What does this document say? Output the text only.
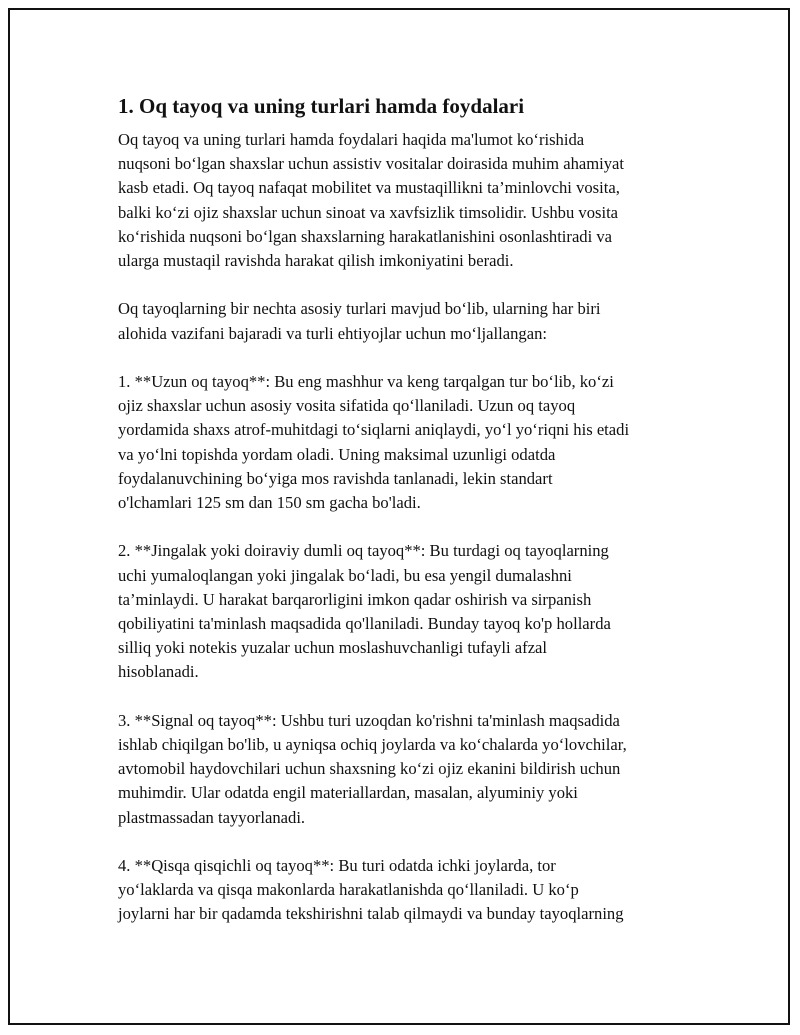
1. Oq tayoq va uning turlari hamda foydalari

Oq tayoq va uning turlari hamda foydalari haqida ma'lumot ko‘rishida
nuqsoni bo‘lgan shaxslar uchun assistiv vositalar doirasida muhim ahamiyat
kasb etadi. Oq tayoq nafaqat mobilitet va mustaqillikni ta’minlovchi vosita,
balki ko‘zi ojiz shaxslar uchun sinoat va xavfsizlik timsolidir. Ushbu vosita
ko‘rishida nuqsoni bo‘lgan shaxslarning harakatlanishini osonlashtiradi va
ularga mustaqil ravishda harakat qilish imkoniyatini beradi.

Oq tayoqlarning bir nechta asosiy turlari mavjud bo‘lib, ularning har biri
alohida vazifani bajaradi va turli ehtiyojlar uchun mo‘ljallangan:

1. **Uzun oq tayoq**: Bu eng mashhur va keng tarqalgan tur bo‘lib, ko‘zi
ojiz shaxslar uchun asosiy vosita sifatida qo‘llaniladi. Uzun oq tayoq
yordamida shaxs atrof-muhitdagi to‘siqlarni aniqlaydi, yo‘l yo‘riqni his etadi
va yo‘lni topishda yordam oladi. Uning maksimal uzunligi odatda
foydalanuvchining bo‘yiga mos ravishda tanlanadi, lekin standart
o'lchamlari 125 sm dan 150 sm gacha bo'ladi.

2. **Jingalak yoki doiraviy dumli oq tayoq**: Bu turdagi oq tayoqlarning
uchi yumaloqlangan yoki jingalak bo‘ladi, bu esa yengil dumalashni
ta’minlaydi. U harakat barqarorligini imkon qadar oshirish va sirpanish
qobiliyatini ta'minlash maqsadida qo'llaniladi. Bunday tayoq ko'p hollarda
silliq yoki notekis yuzalar uchun moslashuvchanligi tufayli afzal
hisoblanadi.

3. **Signal oq tayoq**: Ushbu turi uzoqdan ko'rishni ta'minlash maqsadida
ishlab chiqilgan bo'lib, u ayniqsa ochiq joylarda va ko‘chalarda yo‘lovchilar,
avtomobil haydovchilari uchun shaxsning ko‘zi ojiz ekanini bildirish uchun
muhimdir. Ular odatda engil materiallardan, masalan, alyuminiy yoki
plastmassadan tayyorlanadi.

4. **Qisqa qisqichli oq tayoq**: Bu turi odatda ichki joylarda, tor
yo‘laklarda va qisqa makonlarda harakatlanishda qo‘llaniladi. U ko‘p
joylarni har bir qadamda tekshirishni talab qilmaydi va bunday tayoqlarning
